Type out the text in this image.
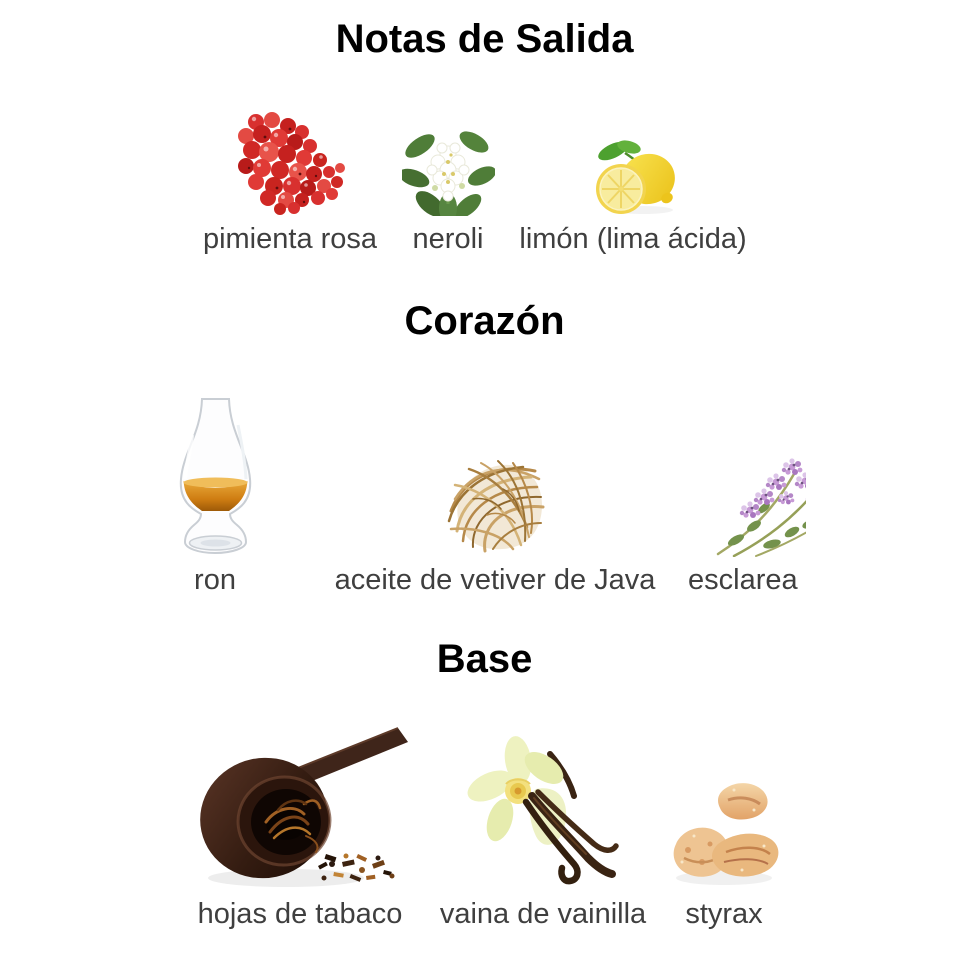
Notas de Salida
pimienta rosa neroli limón (lima ácida)
Corazón
ron	aceite de vetiver de Java esclarea
Base
hojas de tabaco vaina de vainilla styrax
